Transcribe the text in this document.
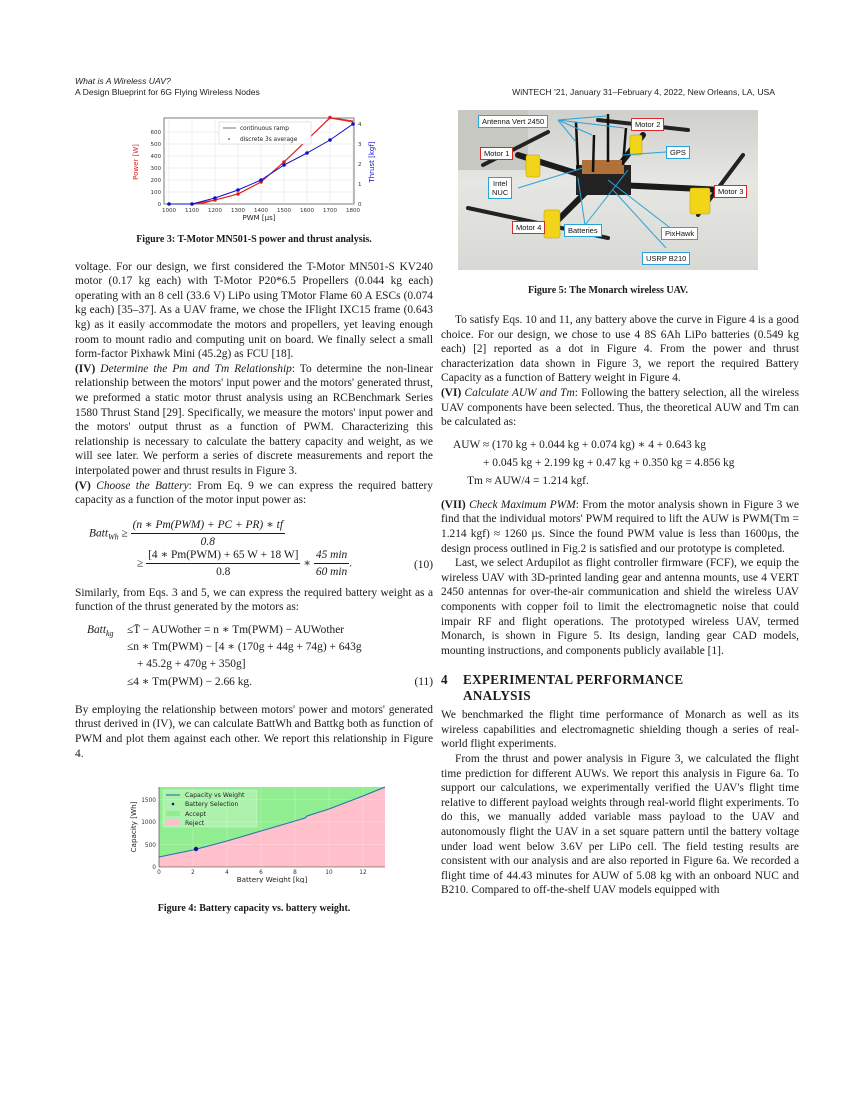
What is A Wireless UAV?
A Design Blueprint for 6G Flying Wireless Nodes	WiNTECH '21, January 31–February 4, 2022, New Orleans, LA, USA
0
100
200
300
400
500
600
0
1
2
3
4
1000 1100 1200 1300 1400 1500 1600 1700 1800
PWM [µs]
Power [W]	Thrust [kgf]
continuous ramp
discrete 3s average
Figure 3: T-Motor MN501-S power and thrust analysis.

voltage. For our design, we first considered the T-Motor MN501-S KV240 motor (0.17 kg each) with T-Motor P20*6.5 Propellers (0.044 kg each) operating with an 8 cell (33.6 V) LiPo using TMotor Flame 60 A ESCs (0.074 kg each) [35–37]. As a UAV frame, we chose the IFlight IXC15 frame (0.643 kg) as it easily accommodate the motors and propellers, yet leaving enough room to mount radio and computing unit on board. We finally select a small form-factor Pixhawk Mini (45.2g) as FCU [18].

(IV) Determine the Pm and Tm Relationship: To determine the non-linear relationship between the motors' input power and the motors' generated thrust, we preformed a static motor thrust analysis using an RCBenchmark Series 1580 Thrust Stand [29]. Specifically, we measure the motors' input power and the motors' output thrust as a function of PWM. Characterizing this relationship is necessary to calculate the battery capacity and weight, as we will see later. We perform a series of discrete measurements and report the interpolated power and thrust results in Figure 3.

(V) Choose the Battery: From Eq. 9 we can express the required battery capacity as a function of the motor input power as:

Batt$_{Wh}$ ≥ $\frac{\text{(n ∗ Pm(PWM) + PC + PR) ∗ tf}}{0.8}$
≥ $\frac{\text{[4 ∗ Pm(PWM) + 65 W + 18 W]}}{0.8}$ ∗ $\frac{45 \min}{60 \min}$ .	(10)

Similarly, from Eqs. 3 and 5, we can express the required battery weight as a function of the thrust generated by the motors as:

Batt$_{kg}$ ≤T̄ − AUWother = n ∗ Tm(PWM) − AUWother
≤n ∗ Tm(PWM) − [4 ∗ (170g + 44g + 74g) + 643g
+ 45.2g + 470g + 350g]
≤4 ∗ Tm(PWM) − 2.66 kg.	(11)

By employing the relationship between motors' power and motors' generated thrust derived in (IV), we can calculate BattWh and Battkg both as function of PWM and plot them against each other. We report this relationship in Figure 4.

0
500
1000
1500
0	2	4	6	8	10	12
Battery Weight [kg]
Capacity [Wh]
Capacity vs Weight
Battery Selection
Accept
Reject
Figure 4: Battery capacity vs. battery weight.
Antenna Vert 2450	Motor 2
Motor 1	GPS
Intel
NUC	Motor 3
Motor 4	Batteries	PixHawk
USRP B210
Figure 5: The Monarch wireless UAV.

To satisfy Eqs. 10 and 11, any battery above the curve in Figure 4 is a good choice. For our design, we chose to use 4 8S 6Ah LiPo batteries (0.549 kg each) [2] reported as a dot in Figure 4. From the power and thrust characterization data shown in Figure 3, we report the required Battery Capacity as a function of Battery weight in Figure 4.

(VI) Calculate AUW and Tm: Following the battery selection, all the wireless UAV components have been selected. Thus, the theoretical AUW and Tm can be calculated as:

AUW ≈ (170 kg + 0.044 kg + 0.074 kg) ∗ 4 + 0.643 kg
+ 0.045 kg + 2.199 kg + 0.47 kg + 0.350 kg = 4.856 kg
Tm ≈ AUW/4 = 1.214 kgf.

(VII) Check Maximum PWM: From the motor analysis shown in Figure 3 we find that the individual motors' PWM required to lift the AUW is PWM(Tm = 1.214 kgf) ≈ 1260 µs. Since the found PWM value is less than 1600µs, the design process outlined in Fig.2 is satisfied and our prototype is completed.

Last, we select Ardupilot as flight controller firmware (FCF), we equip the wireless UAV with 3D-printed landing gear and antenna mounts, use 4 VERT 2450 antennas for over-the-air communication and shield the wireless UAV components with copper foil to limit the electromagnetic noise that could impair RF and flight operations. The prototyped wireless UAV, termed Monarch, is shown in Figure 5. Its design, landing gear CAD models, mounting instructions, and components publicly available [1].

4 EXPERIMENTAL PERFORMANCE
ANALYSIS

We benchmarked the flight time performance of Monarch as well as its wireless capabilities and electromagnetic shielding though a series of real-world flight experiments.

From the thrust and power analysis in Figure 3, we calculated the flight time prediction for different AUWs. We report this analysis in Figure 6a. To support our calculations, we experimentally verified the UAV's flight time relative to different payload weights through real-world flight experiments. To do this, we manually added variable mass payload to the UAV and autonomously flight the UAV in a set square pattern until the battery voltage under load went below 3.6V per LiPo cell. The field testing results are consistent with our analysis and are also reported in Figure 6a. We recorded a flight time of 44.43 minutes for AUW of 5.08 kg with an onboard NUC and B210. Compared to off-the-shelf UAV models equipped with
